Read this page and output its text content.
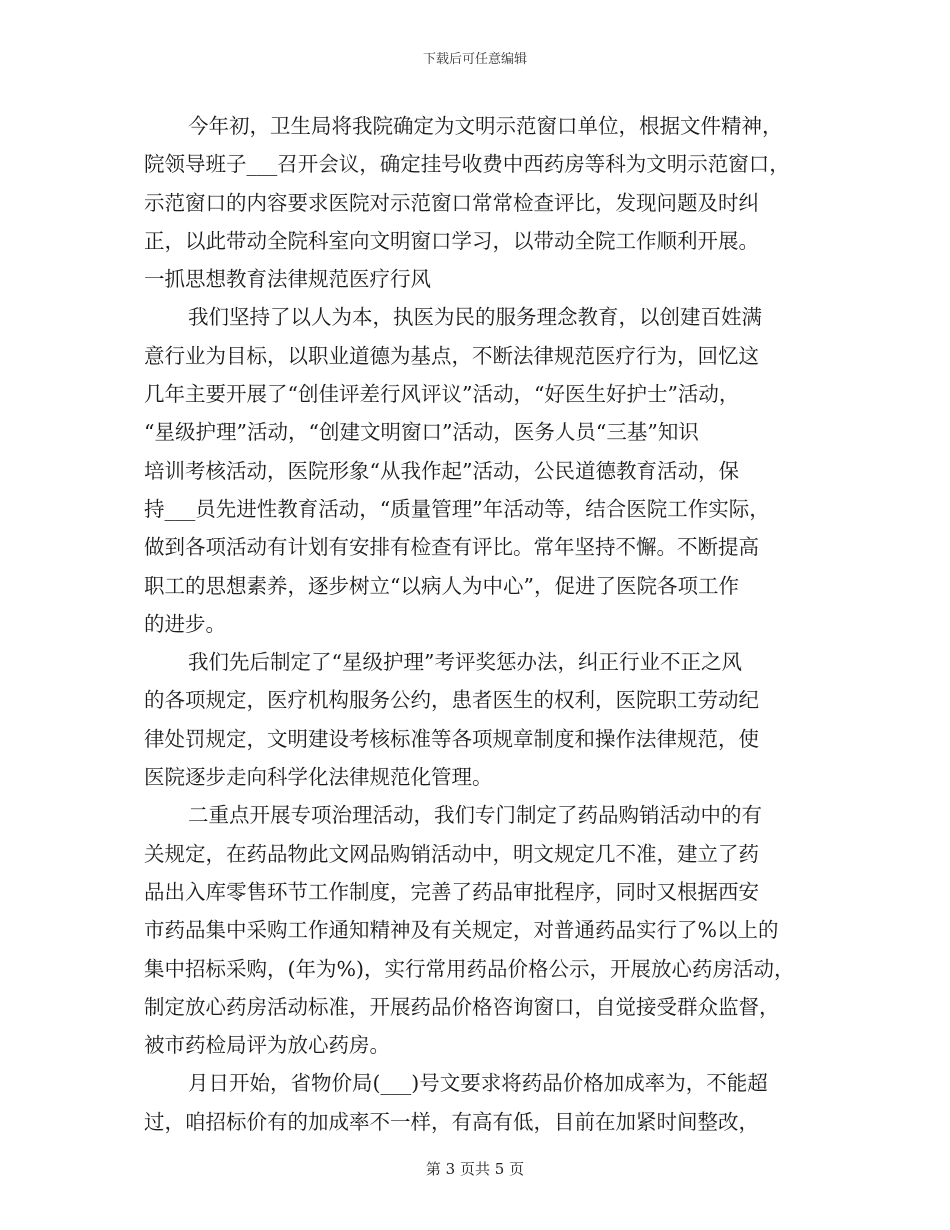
下载后可任意编辑
今年初，卫生局将我院确定为文明示范窗口单位，根据文件精神，
院领导班子___召开会议，确定挂号收费中西药房等科为文明示范窗口，
示范窗口的内容要求医院对示范窗口常常检查评比，发现问题及时纠
正，以此带动全院科室向文明窗口学习，以带动全院工作顺利开展。
一抓思想教育法律规范医疗行风
我们坚持了以人为本，执医为民的服务理念教育，以创建百姓满
意行业为目标，以职业道德为基点，不断法律规范医疗行为，回忆这
几年主要开展了“创佳评差行风评议”活动，“好医生好护士”活动，
“星级护理”活动，“创建文明窗口”活动，医务人员“三基”知识
培训考核活动，医院形象“从我作起”活动，公民道德教育活动，保
持___员先进性教育活动，“质量管理”年活动等，结合医院工作实际，
做到各项活动有计划有安排有检查有评比。常年坚持不懈。不断提高
职工的思想素养，逐步树立“以病人为中心”，促进了医院各项工作
的进步。
我们先后制定了“星级护理”考评奖惩办法，纠正行业不正之风
的各项规定，医疗机构服务公约，患者医生的权利，医院职工劳动纪
律处罚规定，文明建设考核标准等各项规章制度和操作法律规范，使
医院逐步走向科学化法律规范化管理。
二重点开展专项治理活动，我们专门制定了药品购销活动中的有
关规定，在药品物此文网品购销活动中，明文规定几不准，建立了药
品出入库零售环节工作制度，完善了药品审批程序，同时又根据西安
市药品集中采购工作通知精神及有关规定，对普通药品实行了%以上的
集中招标采购，(年为%)，实行常用药品价格公示，开展放心药房活动，
制定放心药房活动标准，开展药品价格咨询窗口，自觉接受群众监督，
被市药检局评为放心药房。
月日开始，省物价局(___)号文要求将药品价格加成率为，不能超
过，咱招标价有的加成率不一样，有高有低，目前在加紧时间整改，
第 3 页共 5 页
